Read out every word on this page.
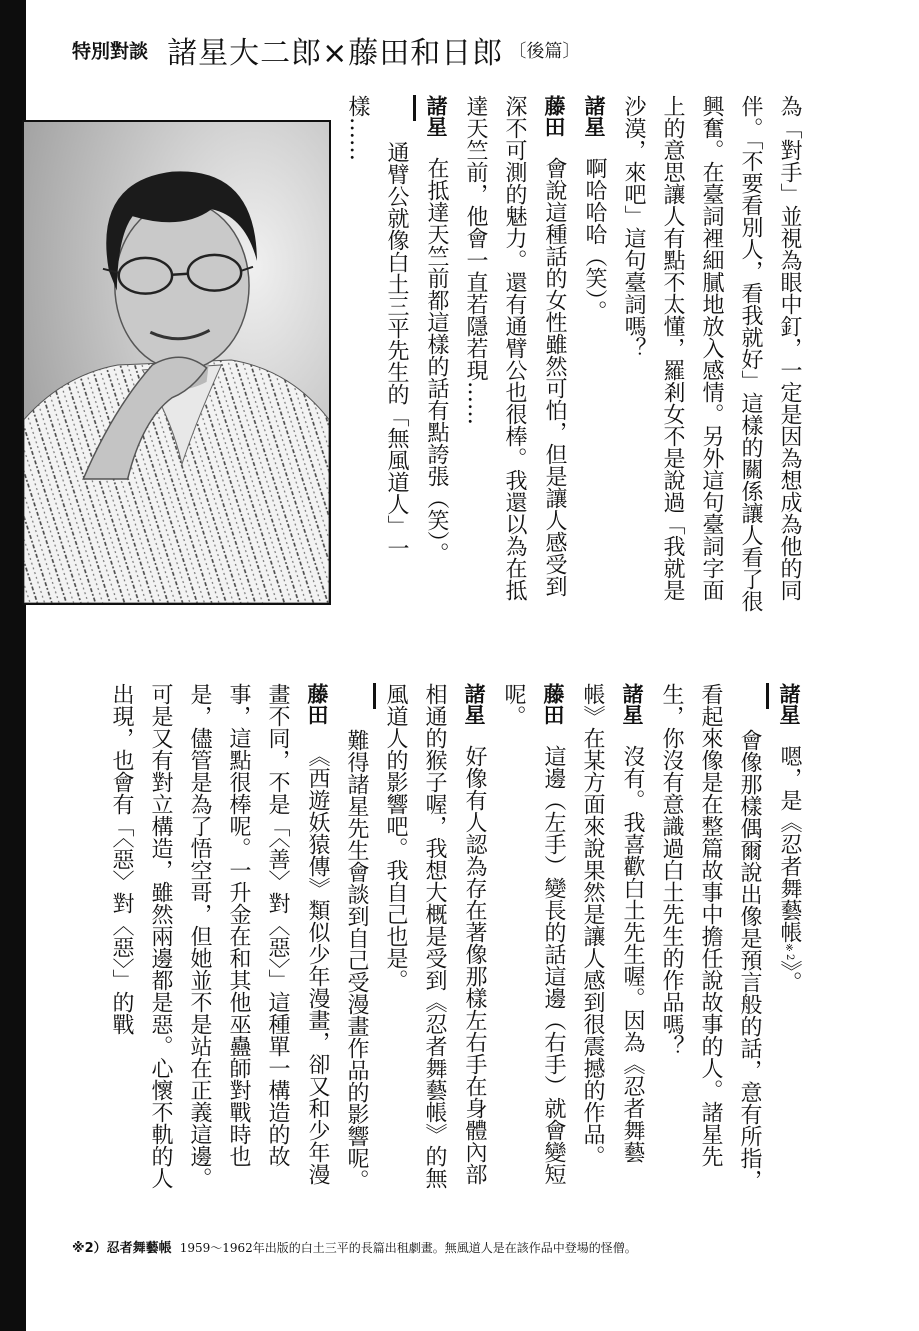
特別對談 諸星大二郎×藤田和日郎 〔後篇〕
為「對手」並視為眼中釘，一定是因為想成為他的同伴。「不要看別人，看我就好」這樣的關係讓人看了很興奮。在臺詞裡細膩地放入感情。另外這句臺詞字面上的意思讓人有點不太懂，羅剎女不是說過「我就是沙漠，來吧」這句臺詞嗎？
諸星啊哈哈哈（笑）。
藤田會說這種話的女性雖然可怕，但是讓人感受到深不可測的魅力。還有通臂公也很棒。我還以為在抵達天竺前，他會一直若隱若現……
諸星在抵達天竺前都這樣的話有點誇張（笑）。
通臂公就像白土三平先生的「無風道人」一樣……
諸星嗯，是《忍者舞藝帳※2》。
會像那樣偶爾說出像是預言般的話，意有所指，看起來像是在整篇故事中擔任說故事的人。諸星先生，你沒有意識過白土先生的作品嗎？
諸星沒有。我喜歡白土先生喔。因為《忍者舞藝帳》在某方面來說果然是讓人感到很震撼的作品。
藤田這邊（左手）變長的話這邊（右手）就會變短呢。
諸星好像有人認為存在著像那樣左右手在身體內部相通的猴子喔，我想大概是受到《忍者舞藝帳》的無風道人的影響吧。我自己也是。
難得諸星先生會談到自己受漫畫作品的影響呢。
藤田《西遊妖猿傳》類似少年漫畫，卻又和少年漫畫不同，不是「〈善〉對〈惡〉」這種單一構造的故事，這點很棒呢。一升金在和其他巫蠱師對戰時也是，儘管是為了悟空哥，但她並不是站在正義這邊。可是又有對立構造，雖然兩邊都是惡。心懷不軌的人出現，也會有「〈惡〉對〈惡〉」的戰
※2）忍者舞藝帳 1959〜1962年出版的白土三平的長篇出租劇畫。無風道人是在該作品中登場的怪僧。
